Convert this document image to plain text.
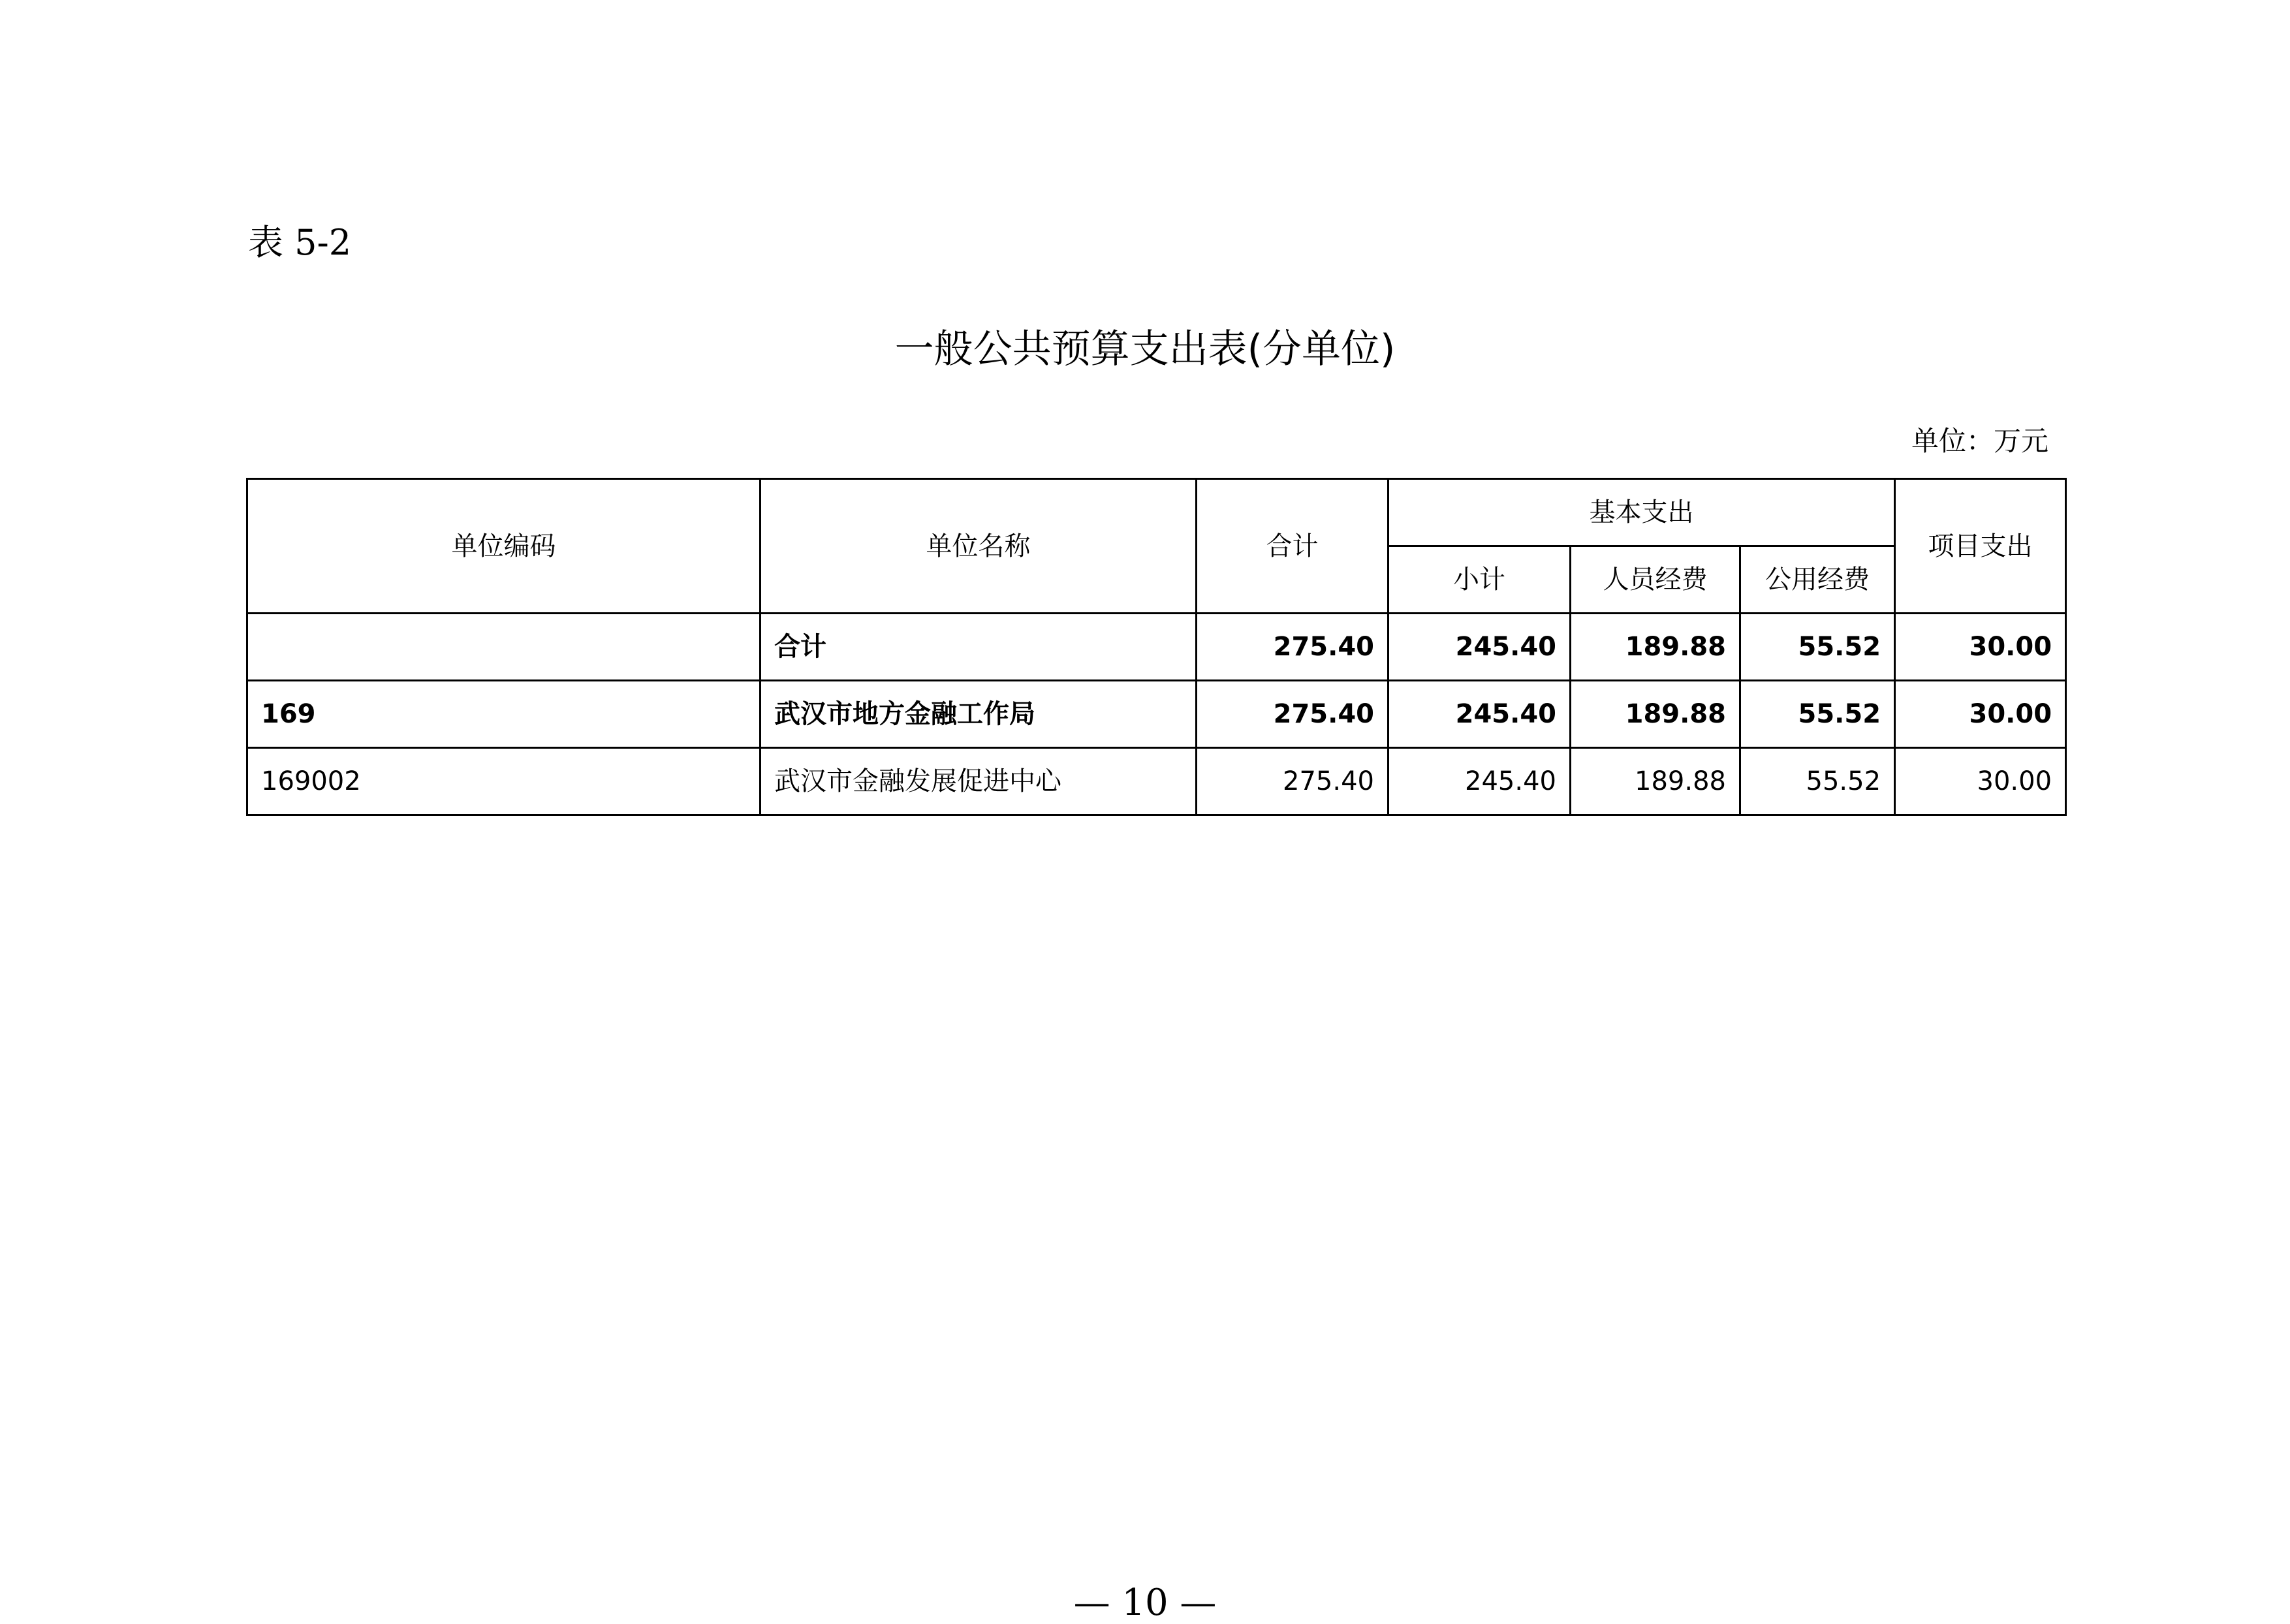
表 5-2
一般公共预算支出表(分单位)
单位：万元
单位编码	单位名称	合计	基本支出			项目支出
			小计	人员经费	公用经费	
	合计	275.40	245.40	189.88	55.52	30.00
169	武汉市地方金融工作局	275.40	245.40	189.88	55.52	30.00
169002	武汉市金融发展促进中心	275.40	245.40	189.88	55.52	30.00
— 10 —
